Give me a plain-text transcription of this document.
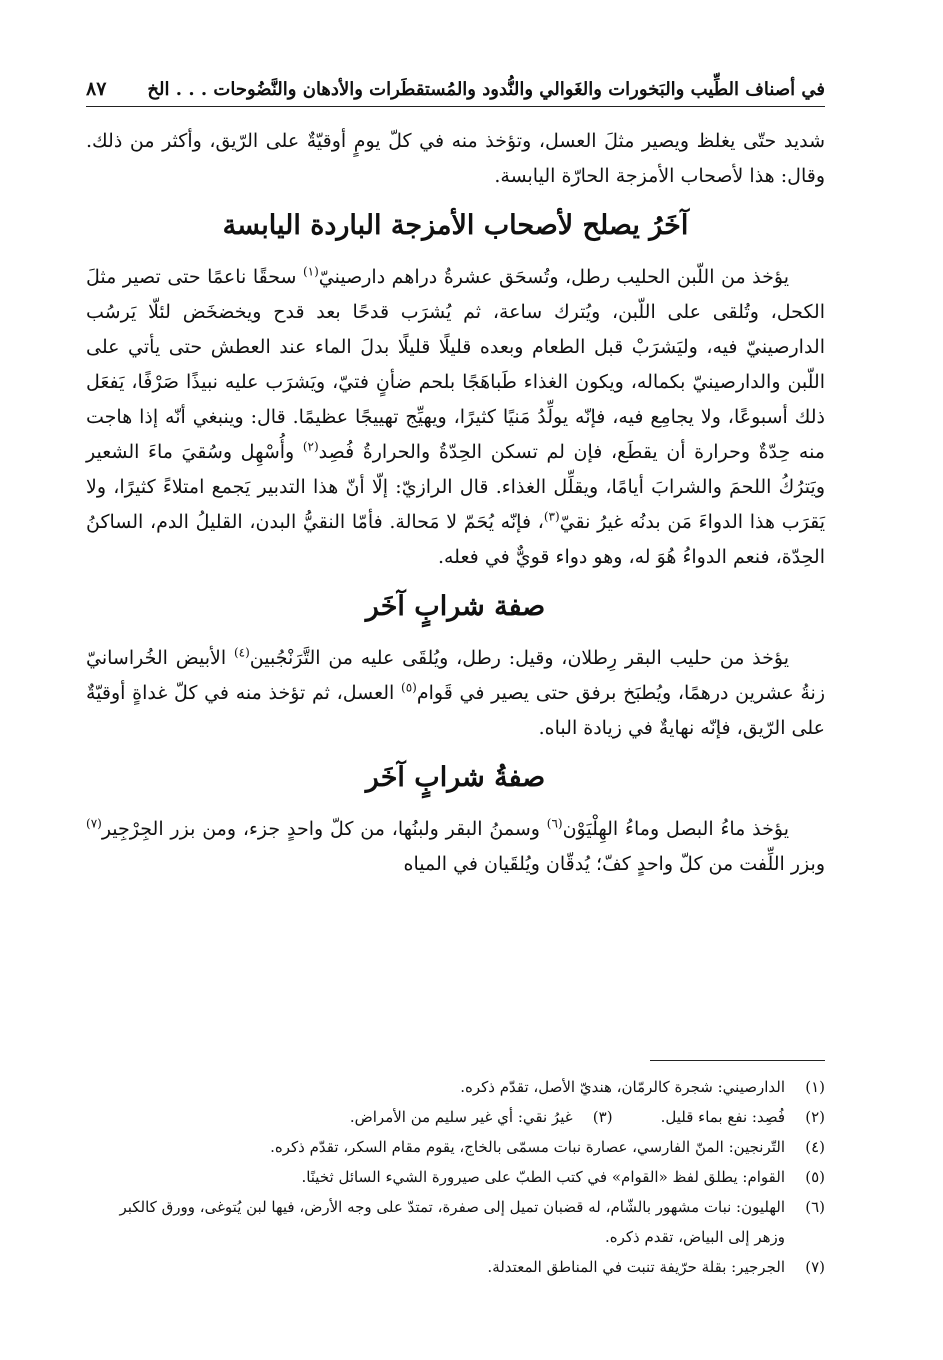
في أصناف الطِّيب والبَخورات والغَوالي والنُّدود والمُستقطَرات والأدهان والنَّضُوحات . . . الخ
٨٧

شديد حتّى يغلظ ويصير مثلَ العسل، وتؤخذ منه في كلّ يومٍ أوقيّةٌ على الرّيق، وأكثر من ذلك. وقال: هذا لأصحاب الأمزجة الحارّة اليابسة.

آخَرُ يصلح لأصحاب الأمزجة الباردة اليابسة

يؤخذ من اللّبن الحليب رطل، وتُسحَق عشرةُ دراهم دارصينيّ$^{(١)}$ سحقًا ناعمًا حتى تصير مثلَ الكحل، وتُلقى على اللّبن، ويُترك ساعة، ثم يُشرَب قدحًا بعد قدح ويخضخَض لئلّا يَرسُب الدارصينيّ فيه، وليَشرَبْ قبل الطعام وبعده قليلًا قليلًا بدلَ الماء عند العطش حتى يأتي على اللّبن والدارصينيّ بكماله، ويكون الغذاء طَباهَجًا بلحم ضأنٍ فتيّ، ويَشرَب عليه نبيذًا صَرْفًا، يَفعَل ذلك أسبوعًا، ولا يجامِع فيه، فإنّه يولِّدُ مَنيًا كثيرًا، ويهيِّج تهييجًا عظيمًا. قال: وينبغي أنّه إذا هاجت منه حِدّةٌ وحرارة أن يقطَع، فإن لم تسكن الحِدّةُ والحرارةُ فُصِد$^{(٢)}$ وأُسْهِل وسُقيَ ماءَ الشعير ويَترُكُ اللحمَ والشرابَ أيامًا، ويقلِّل الغذاء. قال الرازيّ: إلّا أنّ هذا التدبير يَجمع امتلاءً كثيرًا، ولا يَقرَب هذا الدواءَ مَن بدنُه غيرُ نقيّ$^{(٣)}$، فإنّه يُحَمّ لا مَحالة. فأمّا النقيُّ البدن، القليلُ الدم، الساكنُ الحِدّة، فنعم الدواءُ هُوَ له، وهو دواء قويٌّ في فعله.

صفة شرابٍ آخَر

يؤخذ من حليب البقر رِطلان، وقيل: رطل، ويُلقَى عليه من التَّرَنْجُبين$^{(٤)}$ الأبيض الخُراسانيّ زنةُ عشرين درهمًا، ويُطبَخ برفق حتى يصير في قَوام$^{(٥)}$ العسل، ثم تؤخذ منه في كلّ غداةٍ أوقيّةٌ على الرّيق، فإنّه نهايةٌ في زيادة الباه.

صفةُ شرابٍ آخَر

يؤخذ ماءُ البصل وماءُ الهِلْيَوْن$^{(٦)}$ وسمنُ البقر ولبنُها، من كلّ واحدٍ جزء، ومن بزر الجِرْجِير$^{(٧)}$ وبزر اللِّفت من كلّ واحدٍ كفّ؛ يُدقّان ويُلقَيان في المياه

(١)
الدارصيني: شجرة كالرمّان، هنديّ الأصل، تقدّم ذكره.
(٢)
فُصِد: نفع بماء قليل.
(٣)
غيرُ نقي: أي غير سليم من الأمراض.
(٤)
التّرنجين: المنّ الفارسي، عصارة نبات مسمّى بالخاج، يقوم مقام السكر، تقدّم ذكره.
(٥)
القوام: يطلق لفظ «القوام» في كتب الطبّ على صيرورة الشيء السائل ثخينًا.
(٦)
الهليون: نبات مشهور بالشّام، له قضبان تميل إلى صفرة، تمتدّ على وجه الأرض، فيها لبن يُتوغى، وورق كالكبر وزهر إلى البياض، تقدم ذكره.
(٧)
الجرجير: بقلة حرّيفة تنبت في المناطق المعتدلة.
